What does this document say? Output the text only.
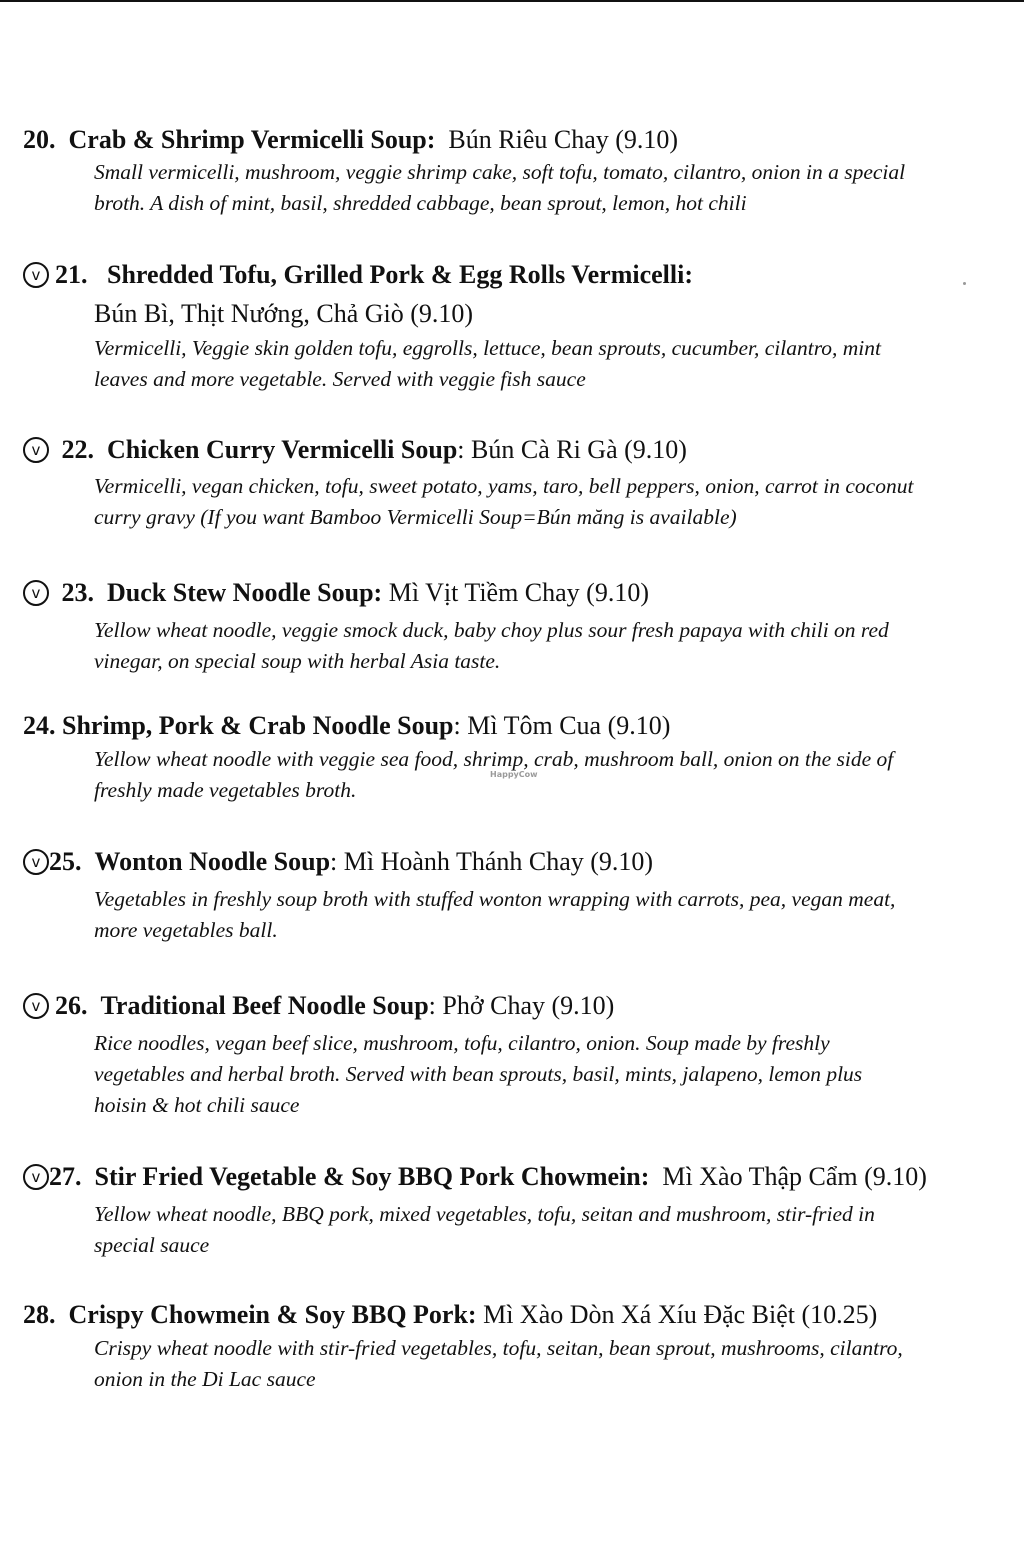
20. Crab & Shrimp Vermicelli Soup: Bún Riêu Chay (9.10)
Small vermicelli, mushroom, veggie shrimp cake, soft tofu, tomato, cilantro, onion in a special
broth. A dish of mint, basil, shredded cabbage, bean sprout, lemon, hot chili
v 21. Shredded Tofu, Grilled Pork & Egg Rolls Vermicelli:
Bún Bì, Thịt Nướng, Chả Giò (9.10)
Vermicelli, Veggie skin golden tofu, eggrolls, lettuce, bean sprouts, cucumber, cilantro, mint
leaves and more vegetable. Served with veggie fish sauce
v 22. Chicken Curry Vermicelli Soup: Bún Cà Ri Gà (9.10)
Vermicelli, vegan chicken, tofu, sweet potato, yams, taro, bell peppers, onion, carrot in coconut
curry gravy (If you want Bamboo Vermicelli Soup=Bún măng is available)
v 23. Duck Stew Noodle Soup: Mì Vịt Tiềm Chay (9.10)
Yellow wheat noodle, veggie smock duck, baby choy plus sour fresh papaya with chili on red
vinegar, on special soup with herbal Asia taste.
24. Shrimp, Pork & Crab Noodle Soup: Mì Tôm Cua (9.10)
Yellow wheat noodle with veggie sea food, shrimp, crab, mushroom ball, onion on the side of
freshly made vegetables broth.
HappyCow
v 25. Wonton Noodle Soup: Mì Hoành Thánh Chay (9.10)
Vegetables in freshly soup broth with stuffed wonton wrapping with carrots, pea, vegan meat,
more vegetables ball.
v 26. Traditional Beef Noodle Soup: Phở Chay (9.10)
Rice noodles, vegan beef slice, mushroom, tofu, cilantro, onion. Soup made by freshly
vegetables and herbal broth. Served with bean sprouts, basil, mints, jalapeno, lemon plus
hoisin & hot chili sauce
v 27. Stir Fried Vegetable & Soy BBQ Pork Chowmein: Mì Xào Thập Cẩm (9.10)
Yellow wheat noodle, BBQ pork, mixed vegetables, tofu, seitan and mushroom, stir-fried in
special sauce
28. Crispy Chowmein & Soy BBQ Pork: Mì Xào Dòn Xá Xíu Đặc Biệt (10.25)
Crispy wheat noodle with stir-fried vegetables, tofu, seitan, bean sprout, mushrooms, cilantro,
onion in the Di Lac sauce
